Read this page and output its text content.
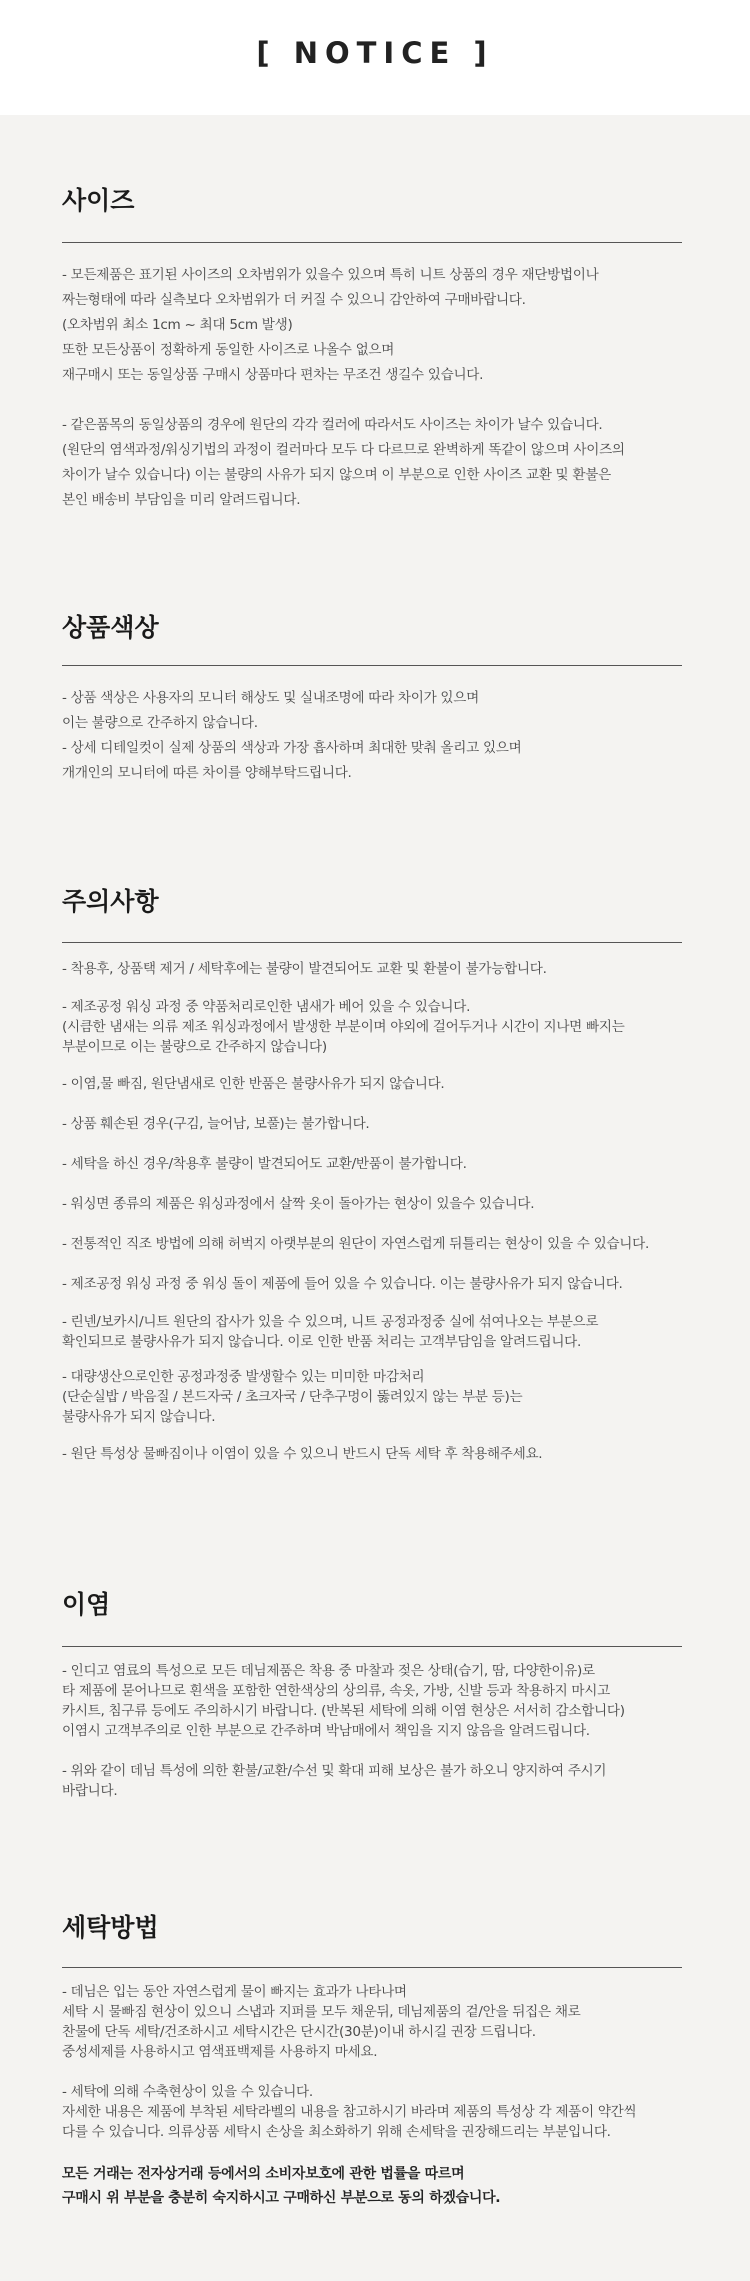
[ NOTICE ]
사이즈
- 모든제품은 표기된 사이즈의 오차범위가 있을수 있으며 특히 니트 상품의 경우 재단방법이나
짜는형태에 따라 실측보다 오차범위가 더 커질 수 있으니 감안하여 구매바랍니다.
(오차범위 최소 1cm ~ 최대 5cm 발생)
또한 모든상품이 정확하게 동일한 사이즈로 나올수 없으며
재구매시 또는 동일상품 구매시 상품마다 편차는 무조건 생길수 있습니다.
- 같은품목의 동일상품의 경우에 원단의 각각 컬러에 따라서도 사이즈는 차이가 날수 있습니다.
(원단의 염색과정/워싱기법의 과정이 컬러마다 모두 다 다르므로 완벽하게 똑같이 않으며 사이즈의
차이가 날수 있습니다) 이는 불량의 사유가 되지 않으며 이 부분으로 인한 사이즈 교환 및 환불은
본인 배송비 부담임을 미리 알려드립니다.
상품색상
- 상품 색상은 사용자의 모니터 해상도 및 실내조명에 따라 차이가 있으며
이는 불량으로 간주하지 않습니다.
- 상세 디테일컷이 실제 상품의 색상과 가장 흡사하며 최대한 맞춰 올리고 있으며
개개인의 모니터에 따른 차이를 양해부탁드립니다.
주의사항
- 착용후, 상품택 제거 / 세탁후에는 불량이 발견되어도 교환 및 환불이 불가능합니다.
- 제조공정 워싱 과정 중 약품처리로인한 냄새가 베어 있을 수 있습니다.
(시큼한 냄새는 의류 제조 워싱과정에서 발생한 부분이며 야외에 걸어두거나 시간이 지나면 빠지는
부분이므로 이는 불량으로 간주하지 않습니다)
- 이염,물 빠짐, 원단냄새로 인한 반품은 불량사유가 되지 않습니다.
- 상품 훼손된 경우(구김, 늘어남, 보풀)는 불가합니다.
- 세탁을 하신 경우/착용후 불량이 발견되어도 교환/반품이 불가합니다.
- 워싱면 종류의 제품은 워싱과정에서 살짝 옷이 돌아가는 현상이 있을수 있습니다.
- 전통적인 직조 방법에 의해 허벅지 아랫부분의 원단이 자연스럽게 뒤틀리는 현상이 있을 수 있습니다.
- 제조공정 워싱 과정 중 워싱 돌이 제품에 들어 있을 수 있습니다. 이는 불량사유가 되지 않습니다.
- 린넨/보카시/니트 원단의 잡사가 있을 수 있으며, 니트 공정과정중 실에 섞여나오는 부분으로
확인되므로 불량사유가 되지 않습니다. 이로 인한 반품 처리는 고객부담임을 알려드립니다.
- 대량생산으로인한 공정과정중 발생할수 있는 미미한 마감처리
(단순실밥 / 박음질 / 본드자국 / 초크자국 / 단추구멍이 뚫려있지 않는 부분 등)는
불량사유가 되지 않습니다.
- 원단 특성상 물빠짐이나 이염이 있을 수 있으니 반드시 단독 세탁 후 착용해주세요.
이염
- 인디고 염료의 특성으로 모든 데님제품은 착용 중 마찰과 젖은 상태(습기, 땀, 다양한이유)로
타 제품에 묻어나므로 흰색을 포함한 연한색상의 상의류, 속옷, 가방, 신발 등과 착용하지 마시고
카시트, 침구류 등에도 주의하시기 바랍니다. (반복된 세탁에 의해 이염 현상은 서서히 감소합니다)
이염시 고객부주의로 인한 부분으로 간주하며 박남매에서 책임을 지지 않음을 알려드립니다.
- 위와 같이 데님 특성에 의한 환불/교환/수선 및 확대 피해 보상은 불가 하오니 양지하여 주시기
바랍니다.
세탁방법
- 데님은 입는 동안 자연스럽게 물이 빠지는 효과가 나타나며
세탁 시 물빠짐 현상이 있으니 스냅과 지퍼를 모두 채운뒤, 데님제품의 겉/안을 뒤집은 채로
찬물에 단독 세탁/건조하시고 세탁시간은 단시간(30분)이내 하시길 권장 드립니다.
중성세제를 사용하시고 염색표백제를 사용하지 마세요.
- 세탁에 의해 수축현상이 있을 수 있습니다.
자세한 내용은 제품에 부착된 세탁라벨의 내용을 참고하시기 바라며 제품의 특성상 각 제품이 약간씩
다를 수 있습니다. 의류상품 세탁시 손상을 최소화하기 위해 손세탁을 권장해드리는 부분입니다.
모든 거래는 전자상거래 등에서의 소비자보호에 관한 법률을 따르며
구매시 위 부분을 충분히 숙지하시고 구매하신 부분으로 동의 하겠습니다.
